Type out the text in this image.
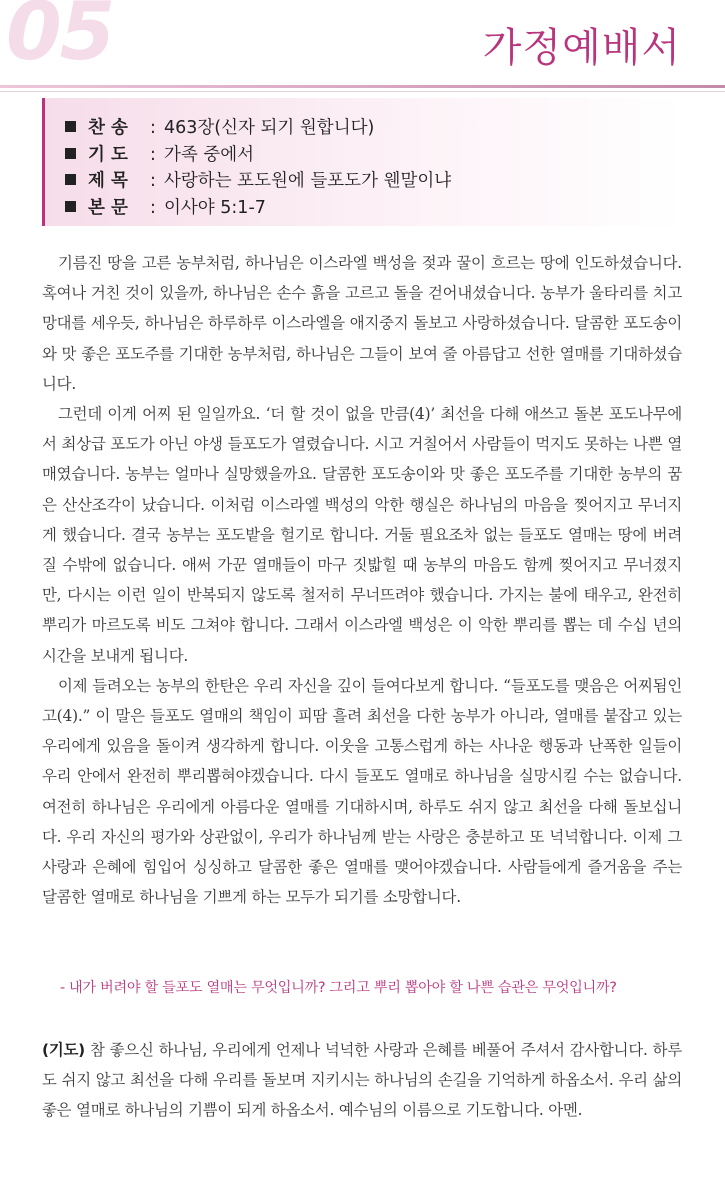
05	가정예배서
찬 송 : 463장(신자 되기 원합니다)
기 도 : 가족 중에서
제 목 : 사랑하는 포도원에 들포도가 웬말이냐
본 문 : 이사야 5:1-7

기름진 땅을 고른 농부처럼, 하나님은 이스라엘 백성을 젖과 꿀이 흐르는 땅에 인도하셨습니다. 혹여나 거친 것이 있을까, 하나님은 손수 흙을 고르고 돌을 걷어내셨습니다. 농부가 울타리를 치고 망대를 세우듯, 하나님은 하루하루 이스라엘을 애지중지 돌보고 사랑하셨습니다. 달콤한 포도송이와 맛 좋은 포도주를 기대한 농부처럼, 하나님은 그들이 보여 줄 아름답고 선한 열매를 기대하셨습니다.

그런데 이게 어찌 된 일일까요. ‘더 할 것이 없을 만큼(4)’ 최선을 다해 애쓰고 돌본 포도나무에서 최상급 포도가 아닌 야생 들포도가 열렸습니다. 시고 거칠어서 사람들이 먹지도 못하는 나쁜 열매였습니다. 농부는 얼마나 실망했을까요. 달콤한 포도송이와 맛 좋은 포도주를 기대한 농부의 꿈은 산산조각이 났습니다. 이처럼 이스라엘 백성의 악한 행실은 하나님의 마음을 찢어지고 무너지게 했습니다. 결국 농부는 포도밭을 헐기로 합니다. 거둘 필요조차 없는 들포도 열매는 땅에 버려질 수밖에 없습니다. 애써 가꾼 열매들이 마구 짓밟힐 때 농부의 마음도 함께 찢어지고 무너졌지만, 다시는 이런 일이 반복되지 않도록 철저히 무너뜨려야 했습니다. 가지는 불에 태우고, 완전히 뿌리가 마르도록 비도 그쳐야 합니다. 그래서 이스라엘 백성은 이 악한 뿌리를 뽑는 데 수십 년의 시간을 보내게 됩니다.

이제 들려오는 농부의 한탄은 우리 자신을 깊이 들여다보게 합니다. “들포도를 맺음은 어찌됨인고(4).” 이 말은 들포도 열매의 책임이 피땀 흘려 최선을 다한 농부가 아니라, 열매를 붙잡고 있는 우리에게 있음을 돌이켜 생각하게 합니다. 이웃을 고통스럽게 하는 사나운 행동과 난폭한 일들이 우리 안에서 완전히 뿌리뽑혀야겠습니다. 다시 들포도 열매로 하나님을 실망시킬 수는 없습니다. 여전히 하나님은 우리에게 아름다운 열매를 기대하시며, 하루도 쉬지 않고 최선을 다해 돌보십니다. 우리 자신의 평가와 상관없이, 우리가 하나님께 받는 사랑은 충분하고 또 넉넉합니다. 이제 그 사랑과 은혜에 힘입어 싱싱하고 달콤한 좋은 열매를 맺어야겠습니다. 사람들에게 즐거움을 주는 달콤한 열매로 하나님을 기쁘게 하는 모두가 되기를 소망합니다.

- 내가 버려야 할 들포도 열매는 무엇입니까? 그리고 뿌리 뽑아야 할 나쁜 습관은 무엇입니까?
(기도) 참 좋으신 하나님, 우리에게 언제나 넉넉한 사랑과 은혜를 베풀어 주셔서 감사합니다. 하루도 쉬지 않고 최선을 다해 우리를 돌보며 지키시는 하나님의 손길을 기억하게 하옵소서. 우리 삶의 좋은 열매로 하나님의 기쁨이 되게 하옵소서. 예수님의 이름으로 기도합니다. 아멘.
